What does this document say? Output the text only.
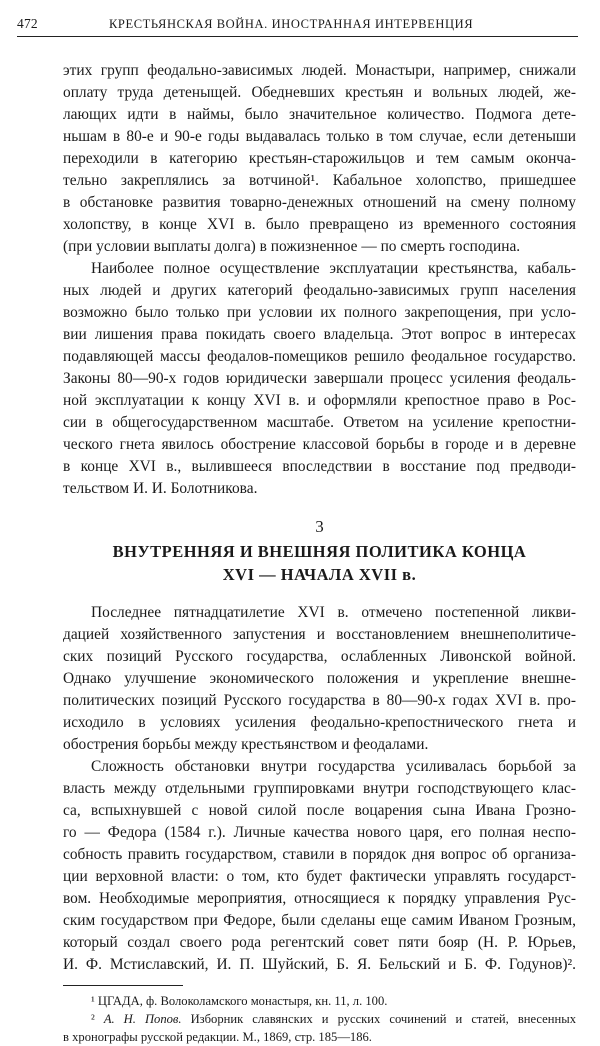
472	КРЕСТЬЯНСКАЯ ВОЙНА. ИНОСТРАННАЯ ИНТЕРВЕНЦИЯ
этих групп феодально-зависимых людей. Монастыри, например, снижали
оплату труда детеныщей. Обедневших крестьян и вольных людей, же-
лающих идти в наймы, было значительное количество. Подмога дете-
ньшам в 80-е и 90-е годы выдавалась только в том случае, если детеныши
переходили в категорию крестьян-старожильцов и тем самым оконча-
тельно закреплялись за вотчиной¹. Кабальное холопство, пришедшее
в обстановке развития товарно-денежных отношений на смену полному
холопству, в конце XVI в. было превращено из временного состояния
(при условии выплаты долга) в пожизненное — по смерть господина.
Наиболее полное осуществление эксплуатации крестьянства, кабаль-
ных людей и других категорий феодально-зависимых групп населения
возможно было только при условии их полного закрепощения, при усло-
вии лишения права покидать своего владельца. Этот вопрос в интересах
подавляющей массы феодалов-помещиков решило феодальное государство.
Законы 80—90-х годов юридически завершали процесс усиления феодаль-
ной эксплуатации к концу XVI в. и оформляли крепостное право в Рос-
сии в общегосударственном масштабе. Ответом на усиление крепостни-
ческого гнета явилось обострение классовой борьбы в городе и в деревне
в конце XVI в., вылившееся впоследствии в восстание под предводи-
тельством И. И. Болотникова.
3
ВНУТРЕННЯЯ И ВНЕШНЯЯ ПОЛИТИКА КОНЦА
XVI — НАЧАЛА XVII в.
Последнее пятнадцатилетие XVI в. отмечено постепенной ликви-
дацией хозяйственного запустения и восстановлением внешнеполитиче-
ских позиций Русского государства, ослабленных Ливонской войной.
Однако улучшение экономического положения и укрепление внешне-
политических позиций Русского государства в 80—90-х годах XVI в. про-
исходило в условиях усиления феодально-крепостнического гнета и
обострения борьбы между крестьянством и феодалами.
Сложность обстановки внутри государства усиливалась борьбой за
власть между отдельными группировками внутри господствующего клас-
са, вспыхнувшей с новой силой после воцарения сына Ивана Грозно-
го — Федора (1584 г.). Личные качества нового царя, его полная неспо-
собность править государством, ставили в порядок дня вопрос об организа-
ции верховной власти: о том, кто будет фактически управлять государст-
вом. Необходимые мероприятия, относящиеся к порядку управления Рус-
ским государством при Федоре, были сделаны еще самим Иваном Грозным,
который создал своего рода регентский совет пяти бояр (Н. Р. Юрьев,
И. Ф. Мстиславский, И. П. Шуйский, Б. Я. Бельский и Б. Ф. Годунов)².
¹ ЦГАДА, ф. Волоколамского монастыря, кн. 11, л. 100.
² А. Н. Попов. Изборник славянских и русских сочинений и статей, внесенных
в хронографы русской редакции. М., 1869, стр. 185—186.
